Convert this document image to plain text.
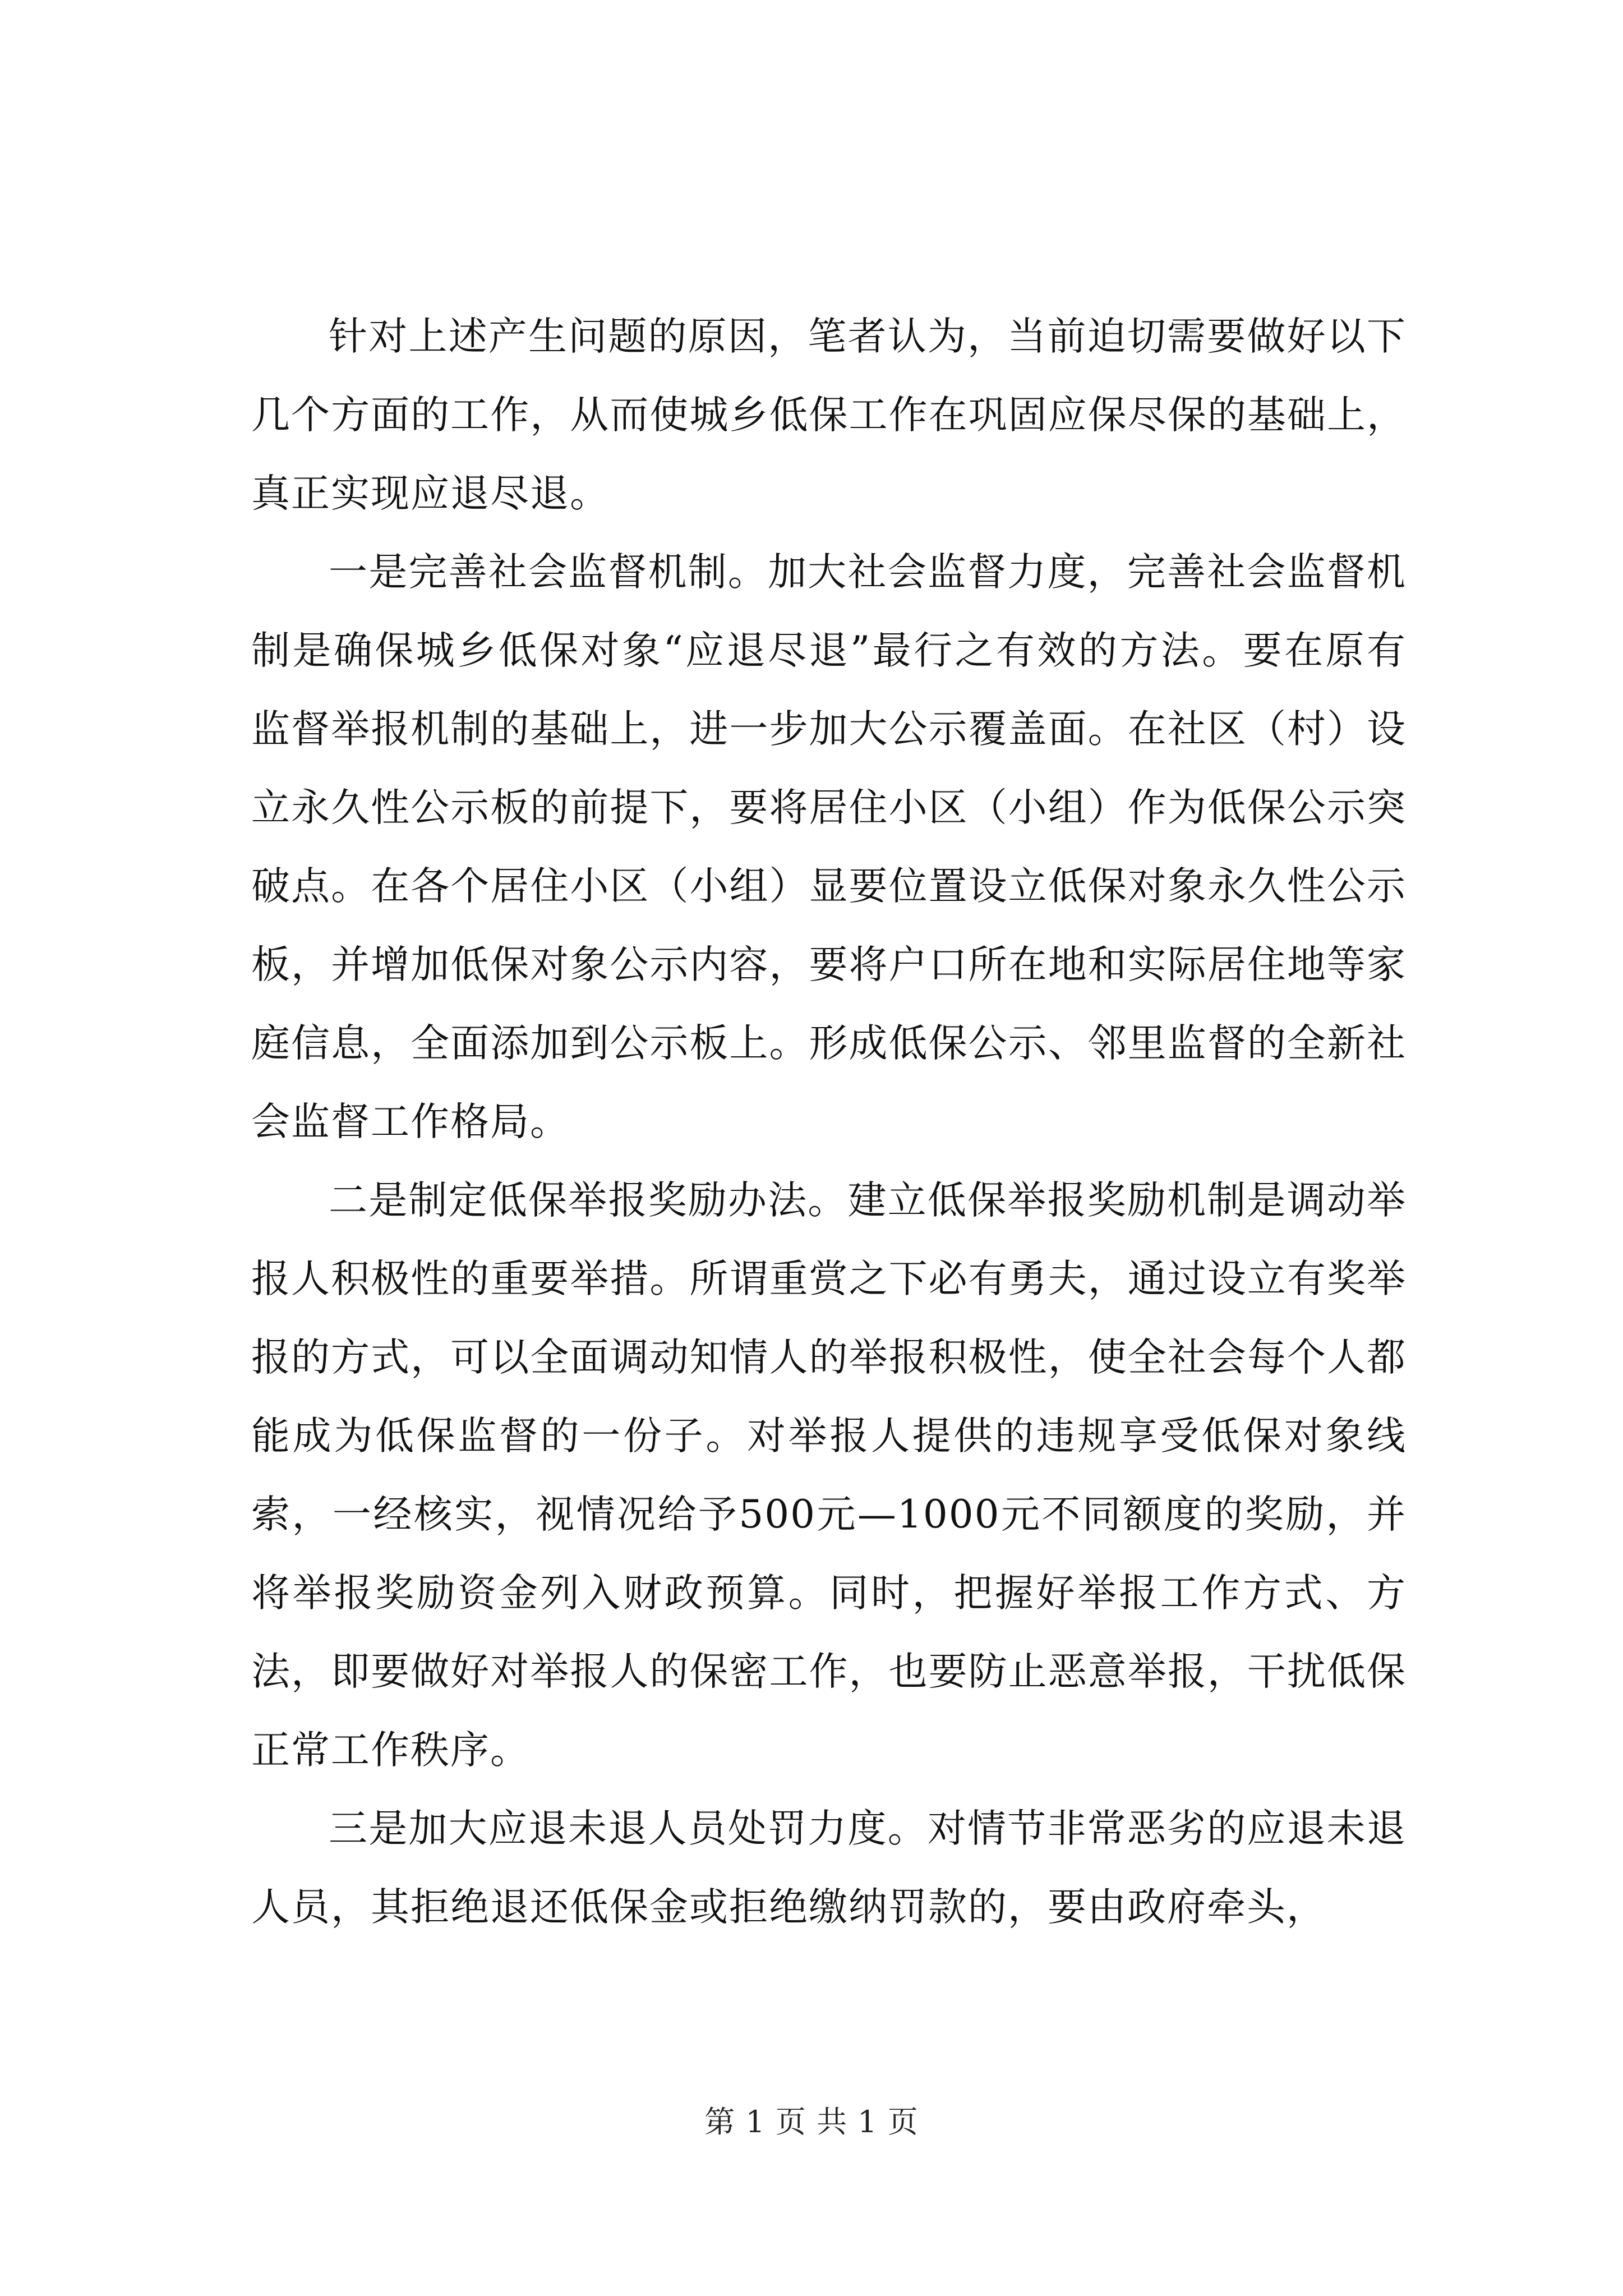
针对上述产生问题的原因，笔者认为，当前迫切需要做好以下几个方面的工作，从而使城乡低保工作在巩固应保尽保的基础上，真正实现应退尽退。

一是完善社会监督机制。加大社会监督力度，完善社会监督机制是确保城乡低保对象“应退尽退”最行之有效的方法。要在原有监督举报机制的基础上，进一步加大公示覆盖面。在社区（村）设立永久性公示板的前提下，要将居住小区（小组）作为低保公示突破点。在各个居住小区（小组）显要位置设立低保对象永久性公示板，并增加低保对象公示内容，要将户口所在地和实际居住地等家庭信息，全面添加到公示板上。形成低保公示、邻里监督的全新社会监督工作格局。

二是制定低保举报奖励办法。建立低保举报奖励机制是调动举报人积极性的重要举措。所谓重赏之下必有勇夫，通过设立有奖举报的方式，可以全面调动知情人的举报积极性，使全社会每个人都能成为低保监督的一份子。对举报人提供的违规享受低保对象线索，一经核实，视情况给予500元—1000元不同额度的奖励，并将举报奖励资金列入财政预算。同时，把握好举报工作方式、方法，即要做好对举报人的保密工作，也要防止恶意举报，干扰低保正常工作秩序。

三是加大应退未退人员处罚力度。对情节非常恶劣的应退未退人员，其拒绝退还低保金或拒绝缴纳罚款的，要由政府牵头，

第 1 页 共 1 页
